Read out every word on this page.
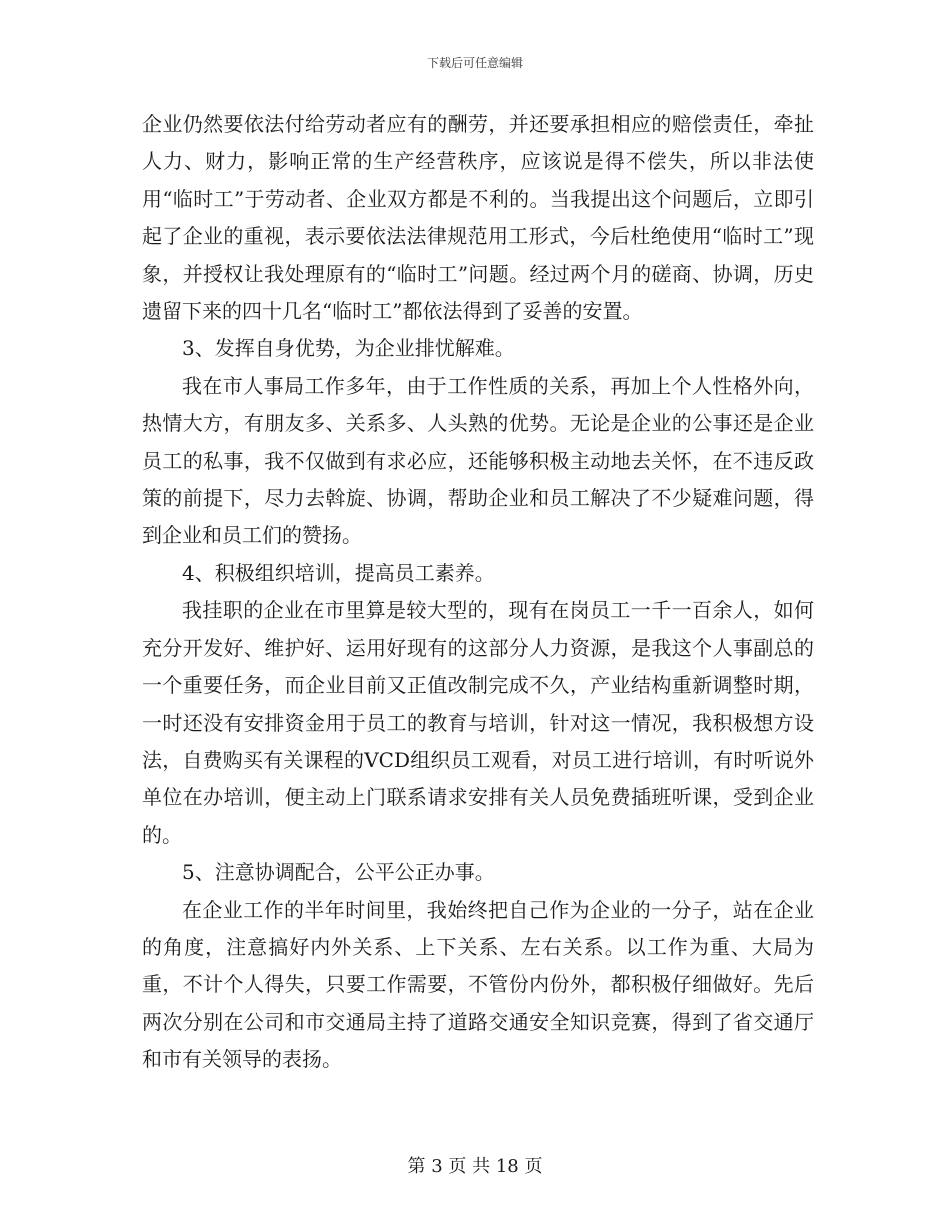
下载后可任意编辑

企业仍然要依法付给劳动者应有的酬劳，并还要承担相应的赔偿责任，牵扯人力、财力，影响正常的生产经营秩序，应该说是得不偿失，所以非法使用“临时工”于劳动者、企业双方都是不利的。当我提出这个问题后，立即引起了企业的重视，表示要依法法律规范用工形式，今后杜绝使用“临时工”现象，并授权让我处理原有的“临时工”问题。经过两个月的磋商、协调，历史遗留下来的四十几名“临时工”都依法得到了妥善的安置。

3、发挥自身优势，为企业排忧解难。

我在市人事局工作多年，由于工作性质的关系，再加上个人性格外向，热情大方，有朋友多、关系多、人头熟的优势。无论是企业的公事还是企业员工的私事，我不仅做到有求必应，还能够积极主动地去关怀，在不违反政策的前提下，尽力去斡旋、协调，帮助企业和员工解决了不少疑难问题，得到企业和员工们的赞扬。

4、积极组织培训，提高员工素养。

我挂职的企业在市里算是较大型的，现有在岗员工一千一百余人，如何充分开发好、维护好、运用好现有的这部分人力资源，是我这个人事副总的一个重要任务，而企业目前又正值改制完成不久，产业结构重新调整时期，一时还没有安排资金用于员工的教育与培训，针对这一情况，我积极想方设法，自费购买有关课程的VCD组织员工观看，对员工进行培训，有时听说外单位在办培训，便主动上门联系请求安排有关人员免费插班听课，受到企业的。

5、注意协调配合，公平公正办事。

在企业工作的半年时间里，我始终把自己作为企业的一分子，站在企业的角度，注意搞好内外关系、上下关系、左右关系。以工作为重、大局为重，不计个人得失，只要工作需要，不管份内份外，都积极仔细做好。先后两次分别在公司和市交通局主持了道路交通安全知识竞赛，得到了省交通厅和市有关领导的表扬。

第 3 页 共 18 页
